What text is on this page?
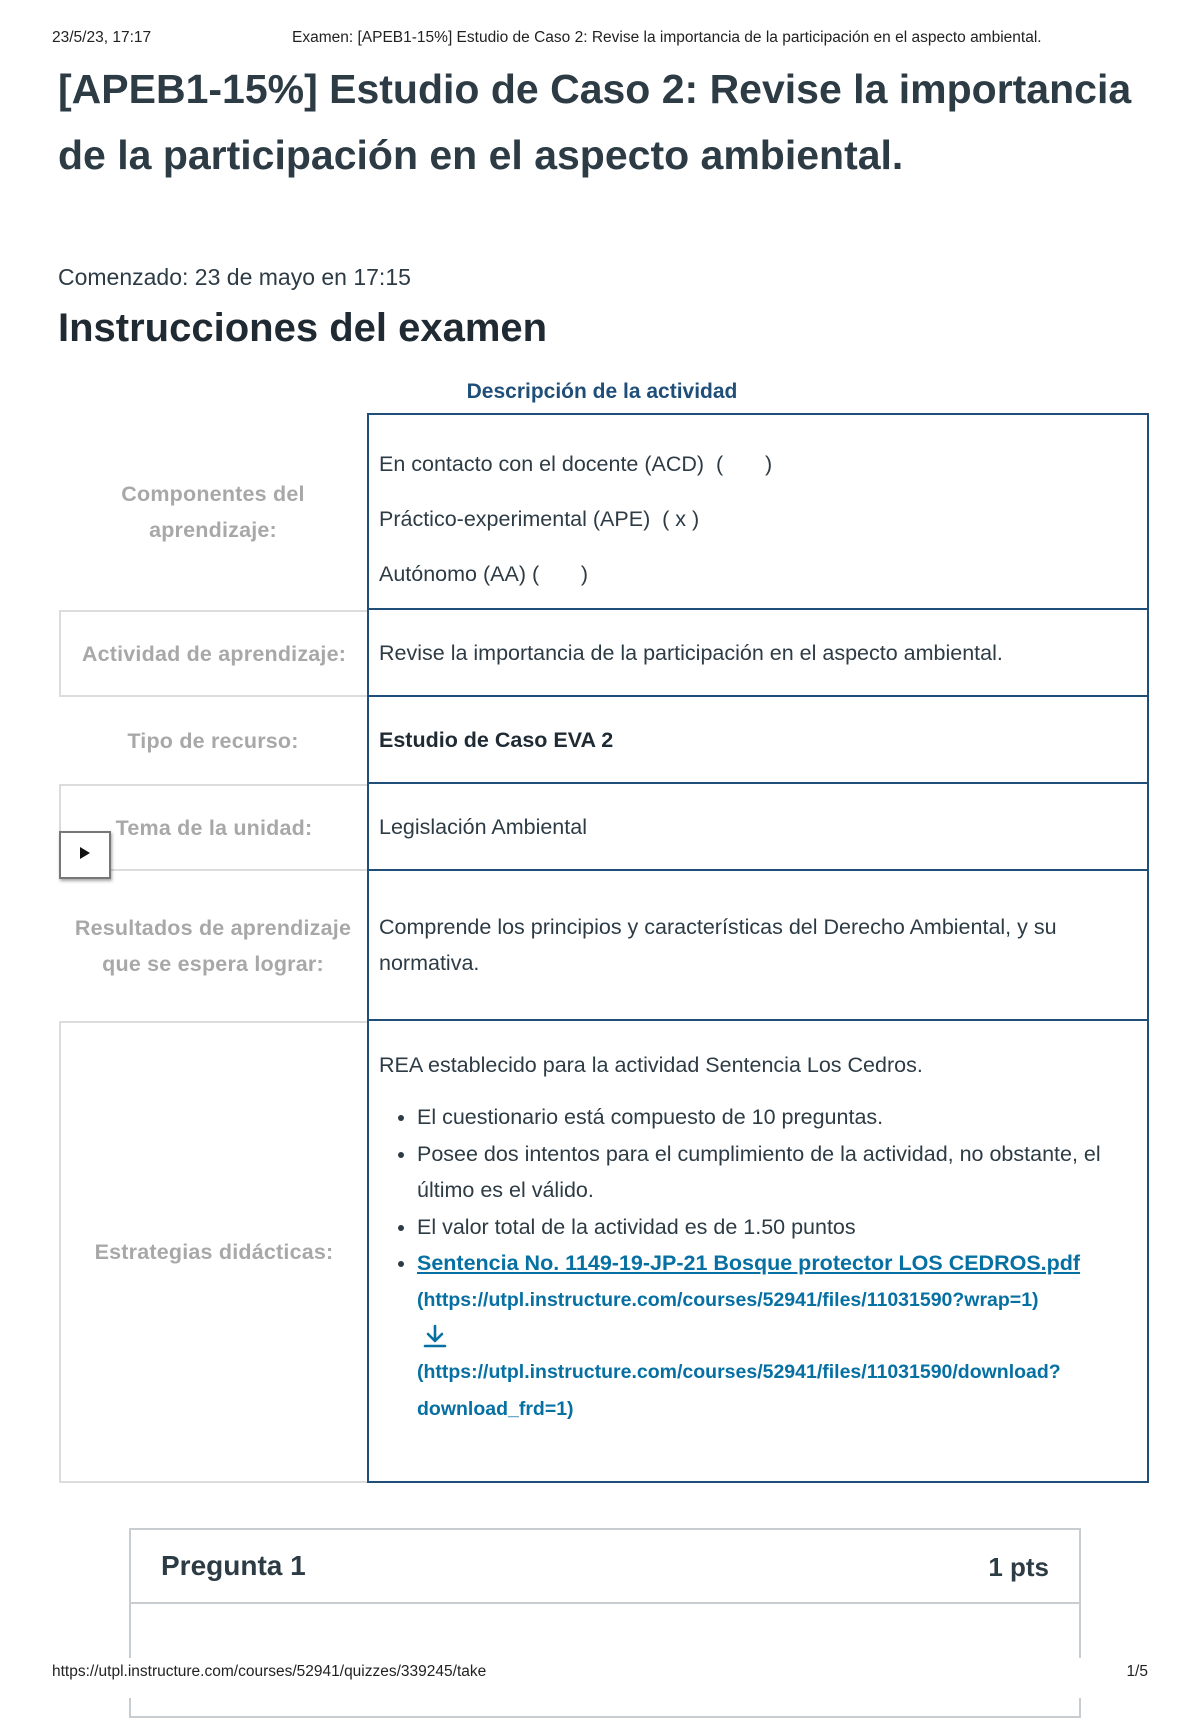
23/5/23, 17:17	Examen: [APEB1-15%] Estudio de Caso 2: Revise la importancia de la participación en el aspecto ambiental.
[APEB1-15%] Estudio de Caso 2: Revise la importancia de la participación en el aspecto ambiental.
Comenzado: 23 de mayo en 17:15
Instrucciones del examen
Descripción de la actividad
Componentes del aprendizaje:

En contacto con el docente (ACD)  (       )

Práctico-experimental (APE)  ( x )

Autónomo (AA) (       )

Actividad de aprendizaje:	Revise la importancia de la participación en el aspecto ambiental.

Tipo de recurso:	Estudio de Caso EVA 2

Tema de la unidad:	Legislación Ambiental

Resultados de aprendizaje que se espera lograr:

Comprende los principios y características del Derecho Ambiental, y su normativa.

Estrategias didácticas:

REA establecido para la actividad Sentencia Los Cedros.

• El cuestionario está compuesto de 10 preguntas.
• Posee dos intentos para el cumplimiento de la actividad, no obstante, el último es el válido.
• El valor total de la actividad es de 1.50 puntos
• Sentencia No. 1149-19-JP-21 Bosque protector LOS CEDROS.pdf
(https://utpl.instructure.com/courses/52941/files/11031590?wrap=1)
(https://utpl.instructure.com/courses/52941/files/11031590/download?download_frd=1)
Pregunta 1	1 pts
https://utpl.instructure.com/courses/52941/quizzes/339245/take	1/5
